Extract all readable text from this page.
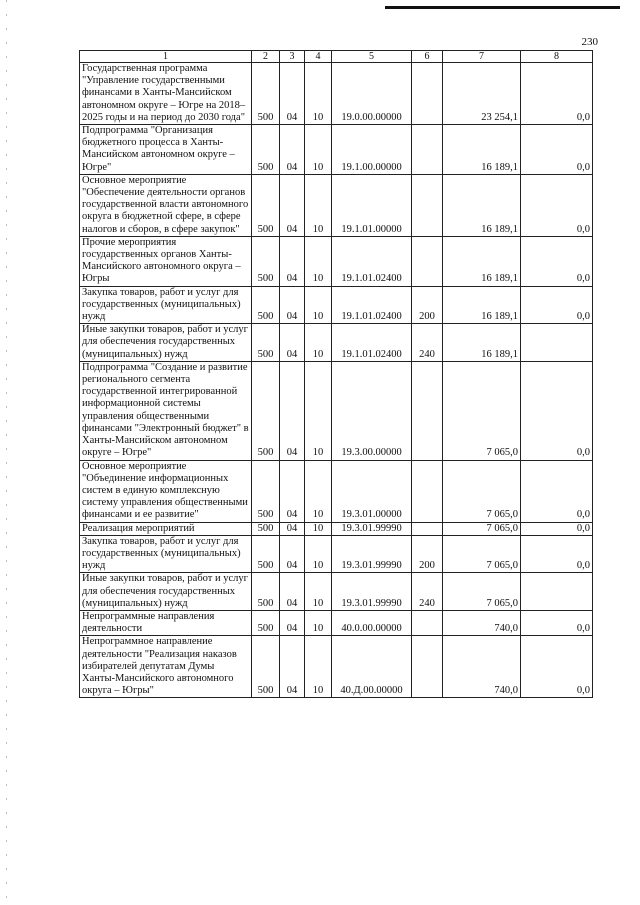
230
1	2	3	4	5	6	7	8
Государственная программа "Управление государственными финансами в Ханты-Мансийском автономном округе – Югре на 2018–2025 годы и на период до 2030 года"	500	04	10	19.0.00.00000		23 254,1	0,0
Подпрограмма "Организация бюджетного процесса в Ханты-Мансийском автономном округе – Югре"	500	04	10	19.1.00.00000		16 189,1	0,0
Основное мероприятие "Обеспечение деятельности органов государственной власти автономного округа в бюджетной сфере, в сфере налогов и сборов, в сфере закупок"	500	04	10	19.1.01.00000		16 189,1	0,0
Прочие мероприятия государственных органов Ханты-Мансийского автономного округа – Югры	500	04	10	19.1.01.02400		16 189,1	0,0
Закупка товаров, работ и услуг для государственных (муниципальных) нужд	500	04	10	19.1.01.02400	200	16 189,1	0,0
Иные закупки товаров, работ и услуг для обеспечения государственных (муниципальных) нужд	500	04	10	19.1.01.02400	240	16 189,1	
Подпрограмма "Создание и развитие регионального сегмента государственной интегрированной информационной системы управления общественными финансами "Электронный бюджет" в Ханты-Мансийском автономном округе – Югре"	500	04	10	19.3.00.00000		7 065,0	0,0
Основное мероприятие "Объединение информационных систем в единую комплексную систему управления общественными финансами и ее развитие"	500	04	10	19.3.01.00000		7 065,0	0,0
Реализация мероприятий	500	04	10	19.3.01.99990		7 065,0	0,0
Закупка товаров, работ и услуг для государственных (муниципальных) нужд	500	04	10	19.3.01.99990	200	7 065,0	0,0
Иные закупки товаров, работ и услуг для обеспечения государственных (муниципальных) нужд	500	04	10	19.3.01.99990	240	7 065,0	
Непрограммные направления деятельности	500	04	10	40.0.00.00000		740,0	0,0
Непрограммное направление деятельности "Реализация наказов избирателей депутатам Думы Ханты-Мансийского автономного округа – Югры"	500	04	10	40.Д.00.00000		740,0	0,0
